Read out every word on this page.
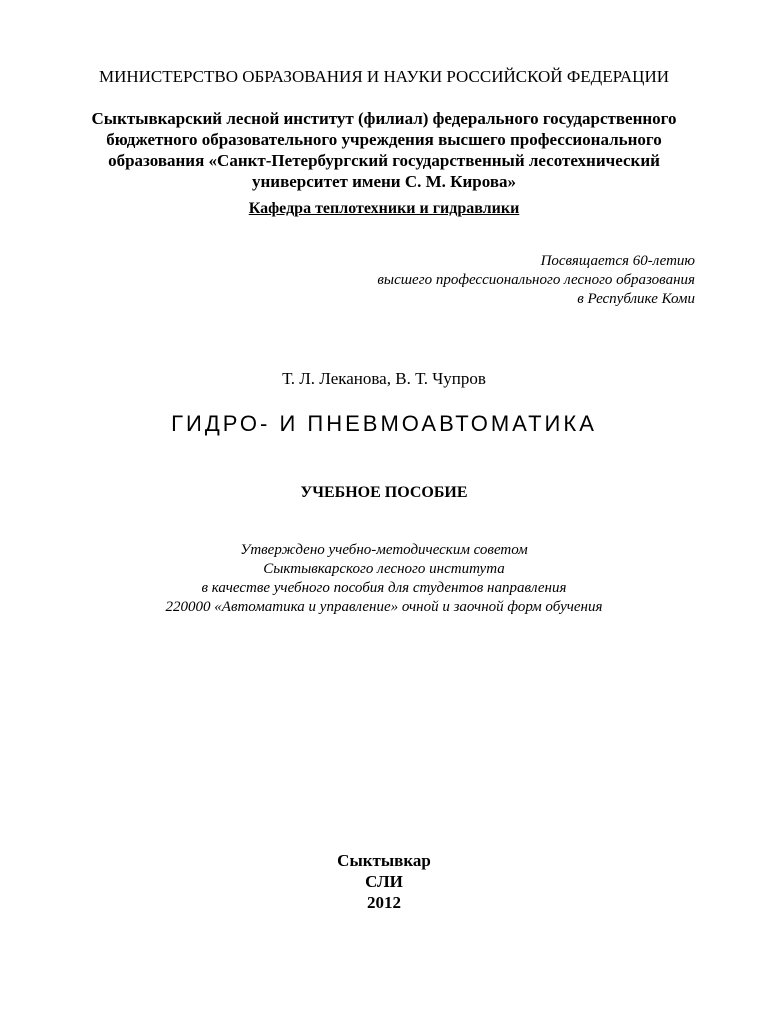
МИНИСТЕРСТВО ОБРАЗОВАНИЯ И НАУКИ РОССИЙСКОЙ ФЕДЕРАЦИИ
Сыктывкарский лесной институт (филиал) федерального государственного
бюджетного образовательного учреждения высшего профессионального
образования «Санкт-Петербургский государственный лесотехнический
университет имени С. М. Кирова»
Кафедра теплотехники и гидравлики
Посвящается 60-летию
высшего профессионального лесного образования
в Республике Коми
Т. Л. Леканова, В. Т. Чупров
ГИДРО- И ПНЕВМОАВТОМАТИКА
УЧЕБНОЕ ПОСОБИЕ
Утверждено учебно-методическим советом
Сыктывкарского лесного института
в качестве учебного пособия для студентов направления
220000 «Автоматика и управление» очной и заочной форм обучения
Сыктывкар
СЛИ
2012
